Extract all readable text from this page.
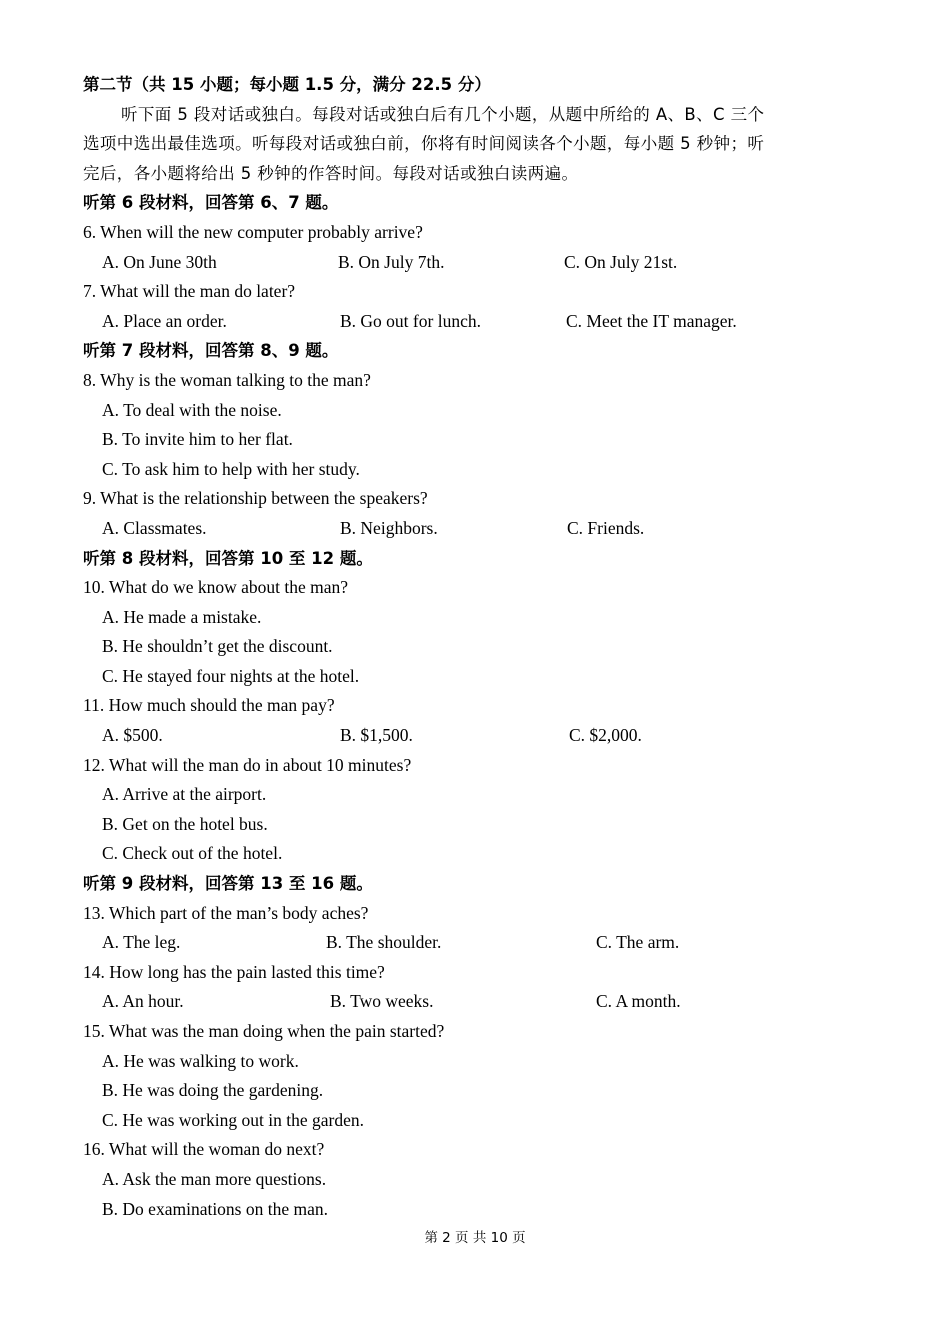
第二节（共 15 小题；每小题 1.5 分，满分 22.5 分）
听下面 5 段对话或独白。每段对话或独白后有几个小题，从题中所给的 A、B、C 三个
选项中选出最佳选项。听每段对话或独白前，你将有时间阅读各个小题，每小题 5 秒钟；听
完后，各小题将给出 5 秒钟的作答时间。每段对话或独白读两遍。
听第 6 段材料，回答第 6、7 题。
6. When will the new computer probably arrive?
A. On June 30th	B. On July 7th.	C. On July 21st.
7. What will the man do later?
A. Place an order.	B. Go out for lunch.	C. Meet the IT manager.
听第 7 段材料，回答第 8、9 题。
8. Why is the woman talking to the man?
A. To deal with the noise.
B. To invite him to her flat.
C. To ask him to help with her study.
9. What is the relationship between the speakers?
A. Classmates.	B. Neighbors.	C. Friends.
听第 8 段材料，回答第 10 至 12 题。
10. What do we know about the man?
A. He made a mistake.
B. He shouldn’t get the discount.
C. He stayed four nights at the hotel.
11. How much should the man pay?
A. $500.	B. $1,500.	C. $2,000.
12. What will the man do in about 10 minutes?
A. Arrive at the airport.
B. Get on the hotel bus.
C. Check out of the hotel.
听第 9 段材料，回答第 13 至 16 题。
13. Which part of the man’s body aches?
A. The leg.	B. The shoulder.	C. The arm.
14. How long has the pain lasted this time?
A. An hour.	B. Two weeks.	C. A month.
15. What was the man doing when the pain started?
A. He was walking to work.
B. He was doing the gardening.
C. He was working out in the garden.
16. What will the woman do next?
A. Ask the man more questions.
B. Do examinations on the man.
第 2 页 共 10 页
